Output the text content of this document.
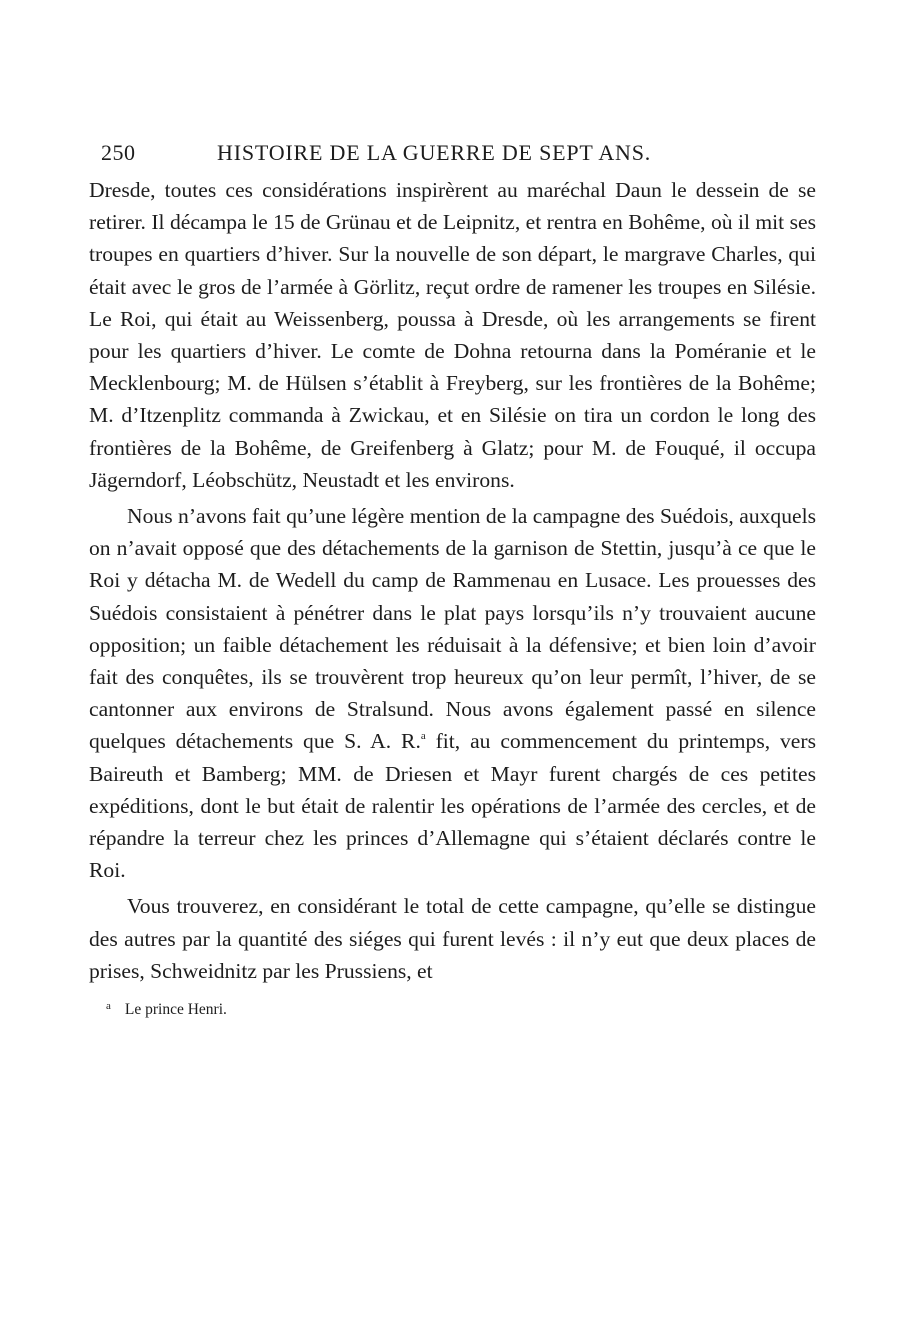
250	HISTOIRE DE LA GUERRE DE SEPT ANS.

Dresde, toutes ces considérations inspirèrent au maréchal Daun le dessein de se retirer. Il décampa le 15 de Grünau et de Leipnitz, et rentra en Bohême, où il mit ses troupes en quartiers d’hiver. Sur la nouvelle de son départ, le margrave Charles, qui était avec le gros de l’armée à Görlitz, reçut ordre de ramener les troupes en Silésie. Le Roi, qui était au Weissenberg, poussa à Dresde, où les arrangements se firent pour les quartiers d’hiver. Le comte de Dohna retourna dans la Poméranie et le Mecklenbourg; M. de Hülsen s’établit à Freyberg, sur les frontières de la Bohême; M. d’Itzenplitz commanda à Zwickau, et en Silésie on tira un cordon le long des frontières de la Bohême, de Greifenberg à Glatz; pour M. de Fouqué, il occupa Jägerndorf, Léobschütz, Neustadt et les environs.

Nous n’avons fait qu’une légère mention de la campagne des Suédois, auxquels on n’avait opposé que des détachements de la garnison de Stettin, jusqu’à ce que le Roi y détacha M. de Wedell du camp de Rammenau en Lusace. Les prouesses des Suédois consistaient à pénétrer dans le plat pays lorsqu’ils n’y trouvaient aucune opposition; un faible détachement les réduisait à la défensive; et bien loin d’avoir fait des conquêtes, ils se trouvèrent trop heureux qu’on leur permît, l’hiver, de se cantonner aux environs de Stralsund. Nous avons également passé en silence quelques détachements que S. A. R.$^a$ fit, au commencement du printemps, vers Baireuth et Bamberg; MM. de Driesen et Mayr furent chargés de ces petites expéditions, dont le but était de ralentir les opérations de l’armée des cercles, et de répandre la terreur chez les princes d’Allemagne qui s’étaient déclarés contre le Roi.

Vous trouverez, en considérant le total de cette campagne, qu’elle se distingue des autres par la quantité des siéges qui furent levés : il n’y eut que deux places de prises, Schweidnitz par les Prussiens, et

$^a$ Le prince Henri.
